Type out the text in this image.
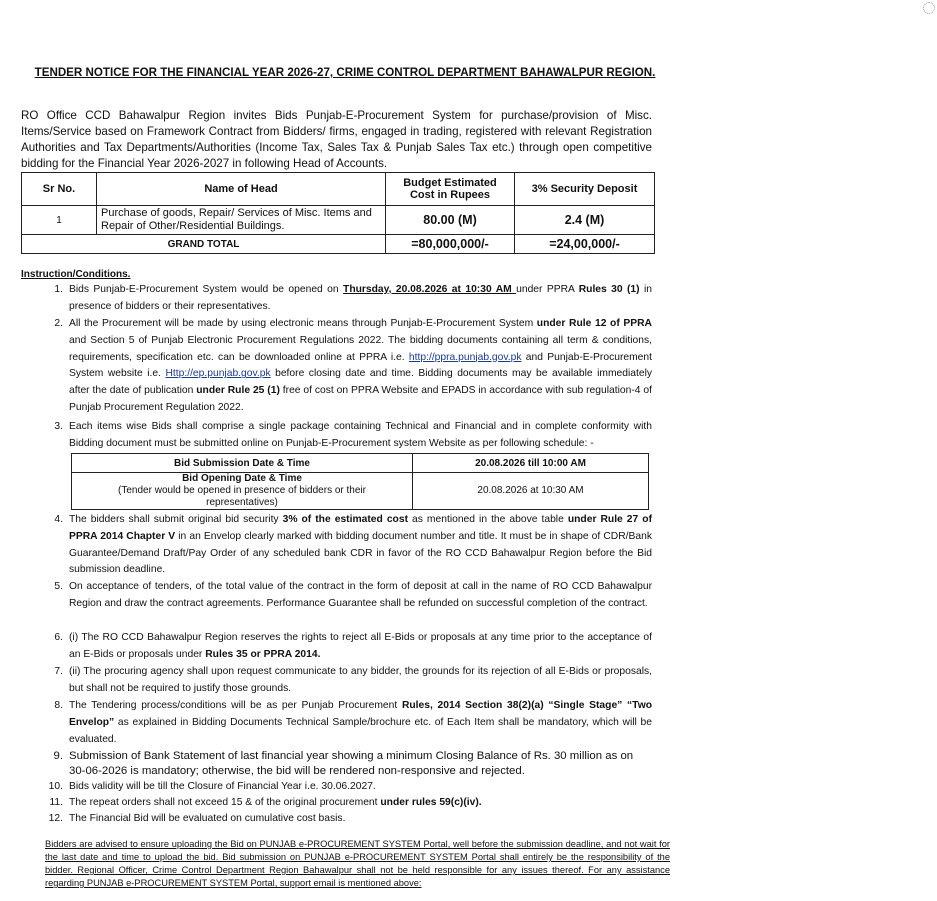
TENDER NOTICE FOR THE FINANCIAL YEAR 2026-27, CRIME CONTROL DEPARTMENT BAHAWALPUR REGION.
RO Office CCD Bahawalpur Region invites Bids Punjab-E-Procurement System for purchase/provision of Misc. Items/Service based on Framework Contract from Bidders/ firms, engaged in trading, registered with relevant Registration Authorities and Tax Departments/Authorities (Income Tax, Sales Tax & Punjab Sales Tax etc.) through open competitive bidding for the Financial Year 2026-2027 in following Head of Accounts.
Sr No.	Name of Head	Budget Estimated Cost in Rupees	3% Security Deposit
1	Purchase of goods, Repair/ Services of Misc. Items and Repair of Other/Residential Buildings.	80.00 (M)	2.4 (M)
GRAND TOTAL		=80,000,000/-	=24,00,000/-
Instruction/Conditions.
1. Bids Punjab-E-Procurement System would be opened on Thursday, 20.08.2026 at 10:30 AM under PPRA Rules 30 (1) in presence of bidders or their representatives.
2. All the Procurement will be made by using electronic means through Punjab-E-Procurement System under Rule 12 of PPRA and Section 5 of Punjab Electronic Procurement Regulations 2022. The bidding documents containing all term & conditions, requirements, specification etc. can be downloaded online at PPRA i.e. http://ppra.punjab.gov.pk and Punjab-E-Procurement System website i.e. Http://ep.punjab.gov.pk before closing date and time. Bidding documents may be available immediately after the date of publication under Rule 25 (1) free of cost on PPRA Website and EPADS in accordance with sub regulation-4 of Punjab Procurement Regulation 2022.
3. Each items wise Bids shall comprise a single package containing Technical and Financial and in complete conformity with Bidding document must be submitted online on Punjab-E-Procurement system Website as per following schedule: -
Bid Submission Date & Time	20.08.2026 till 10:00 AM

Bid Opening Date & Time
(Tender would be opened in presence of bidders or their representatives)	20.08.2026 at 10:30 AM
4. The bidders shall submit original bid security 3% of the estimated cost as mentioned in the above table under Rule 27 of PPRA 2014 Chapter V in an Envelop clearly marked with bidding document number and title. It must be in shape of CDR/Bank Guarantee/Demand Draft/Pay Order of any scheduled bank CDR in favor of the RO CCD Bahawalpur Region before the Bid submission deadline.
5. On acceptance of tenders, of the total value of the contract in the form of deposit at call in the name of RO CCD Bahawalpur Region and draw the contract agreements. Performance Guarantee shall be refunded on successful completion of the contract.
6. (i) The RO CCD Bahawalpur Region reserves the rights to reject all E-Bids or proposals at any time prior to the acceptance of an E-Bids or proposals under Rules 35 or PPRA 2014.
7. (ii) The procuring agency shall upon request communicate to any bidder, the grounds for its rejection of all E-Bids or proposals, but shall not be required to justify those grounds.
8. The Tendering process/conditions will be as per Punjab Procurement Rules, 2014 Section 38(2)(a) “Single Stage” “Two Envelop” as explained in Bidding Documents Technical Sample/brochure etc. of Each Item shall be mandatory, which will be evaluated.
9. Submission of Bank Statement of last financial year showing a minimum Closing Balance of Rs. 30 million as on 30-06-2026 is mandatory; otherwise, the bid will be rendered non-responsive and rejected.
10. Bids validity will be till the Closure of Financial Year i.e. 30.06.2027.
11. The repeat orders shall not exceed 15 & of the original procurement under rules 59(c)(iv).
12. The Financial Bid will be evaluated on cumulative cost basis.
Bidders are advised to ensure uploading the Bid on PUNJAB e-PROCUREMENT SYSTEM Portal, well before the submission deadline, and not wait for the last date and time to upload the bid. Bid submission on PUNJAB e-PROCUREMENT SYSTEM Portal shall entirely be the responsibility of the bidder. Regional Officer, Crime Control Department Region Bahawalpur shall not be held responsible for any issues thereof. For any assistance regarding PUNJAB e-PROCUREMENT SYSTEM Portal, support email is mentioned above:
